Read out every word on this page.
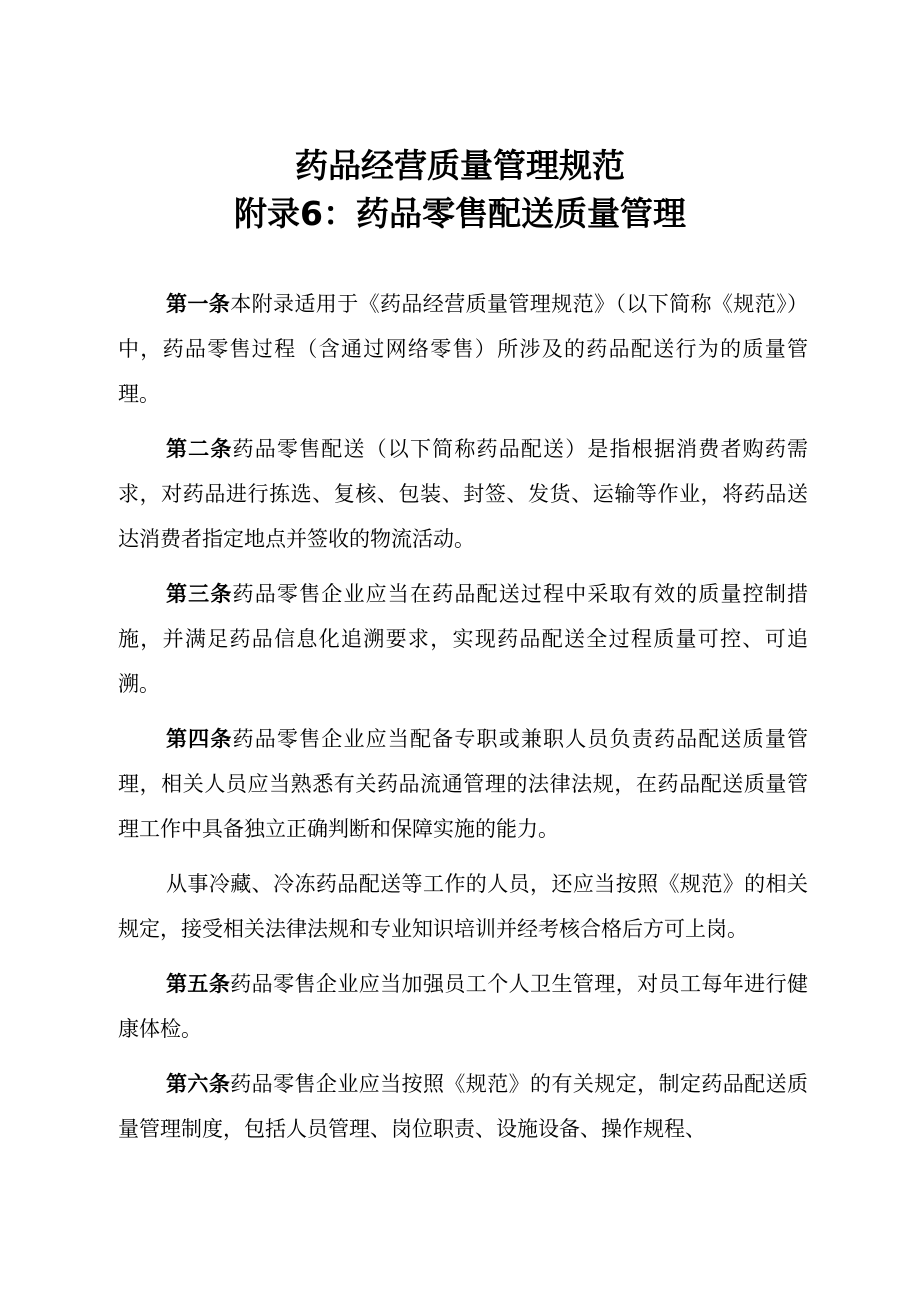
药品经营质量管理规范
附录6：药品零售配送质量管理

第一条本附录适用于《药品经营质量管理规范》（以下简称《规范》）中，药品零售过程（含通过网络零售）所涉及的药品配送行为的质量管理。

第二条药品零售配送（以下简称药品配送）是指根据消费者购药需求，对药品进行拣选、复核、包装、封签、发货、运输等作业，将药品送达消费者指定地点并签收的物流活动。

第三条药品零售企业应当在药品配送过程中采取有效的质量控制措施，并满足药品信息化追溯要求，实现药品配送全过程质量可控、可追溯。

第四条药品零售企业应当配备专职或兼职人员负责药品配送质量管理，相关人员应当熟悉有关药品流通管理的法律法规，在药品配送质量管理工作中具备独立正确判断和保障实施的能力。

从事冷藏、冷冻药品配送等工作的人员，还应当按照《规范》的相关规定，接受相关法律法规和专业知识培训并经考核合格后方可上岗。

第五条药品零售企业应当加强员工个人卫生管理，对员工每年进行健康体检。

第六条药品零售企业应当按照《规范》的有关规定，制定药品配送质量管理制度，包括人员管理、岗位职责、设施设备、操作规程、
